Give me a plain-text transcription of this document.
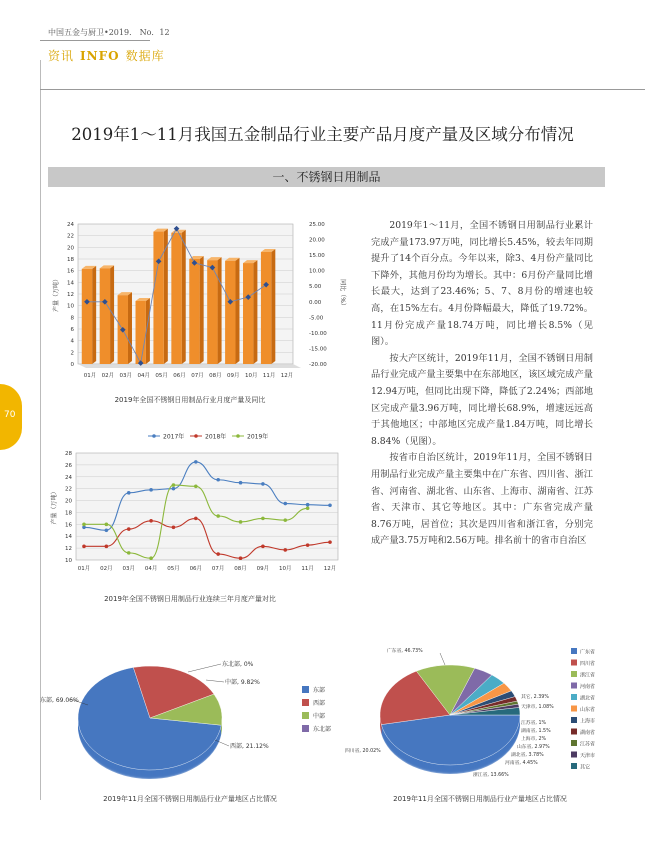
中国五金与厨卫•2019． No．12
资讯 INFO 数据库
70
2019年1～11月我国五金制品行业主要产品月度产量及区域分布情况
一、不锈钢日用制品

2019年1～11月，全国不锈钢日用制品行业累计完成产量173.97万吨，同比增长5.45%，较去年同期提升了14个百分点。今年以来，除3、4月份产量同比下降外，其他月份均为增长。其中：6月份产量同比增长最大，达到了23.46%；5、7、8月份的增速也较高，在15%左右。4月份降幅最大，降低了19.72%。11月份完成产量18.74万吨，同比增长8.5%（见图）。

按大产区统计，2019年11月，全国不锈钢日用制品行业完成产量主要集中在东部地区，该区域完成产量12.94万吨，但同比出现下降，降低了2.24%；西部地区完成产量3.96万吨，同比增长68.9%，增速远远高于其他地区；中部地区完成产量1.84万吨，同比增长8.84%（见图）。

按省市自治区统计，2019年11月，全国不锈钢日用制品行业完成产量主要集中在广东省、四川省、浙江省、河南省、湖北省、山东省、上海市、湖南省、江苏省、天津市、其它等地区。其中：广东省完成产量8.76万吨，居首位；其次是四川省和浙江省，分别完成产量3.75万吨和2.56万吨。排名前十的省市自治区

0
2
4
6
8
10
12
14
16
18
20
22
24
-20.00
-15.00
-10.00
-5.00
0.00
5.00
10.00
15.00
20.00
25.00
产量（万吨）	同比（%）
01月 02月 03月 04月 05月 06月 07月 08月 09月 10月 11月 12月
2019年全国不锈钢日用制品行业月度产量及同比
10
12
14
16
18
20
22
24
26
28
产量（万吨）
01月 02月 03月 04月 05月 06月 07月 08月 09月 10月 11月 12月
2017年	2018年	2019年
2019年全国不锈钢日用制品行业连续三年月度产量对比
东部, 69.06%
西部, 21.12%
中部, 9.82%
东北部, 0%
东部
西部
中部
东北部
2019年11月全国不锈钢日用制品行业产量地区占比情况
广东省, 46.73%
四川省, 20.02%
浙江省, 13.66%
河南省, 4.45%
湖北省, 3.78%
山东省, 2.97%
上海市, 2%
湖南省, 1.5%
江苏省, 1%
天津市, 1.08%
其它, 2.39%
广东省
四川省
浙江省
河南省
湖北省
山东省
上海市
湖南省
江苏省
天津市
其它
2019年11月全国不锈钢日用制品行业产量地区占比情况
